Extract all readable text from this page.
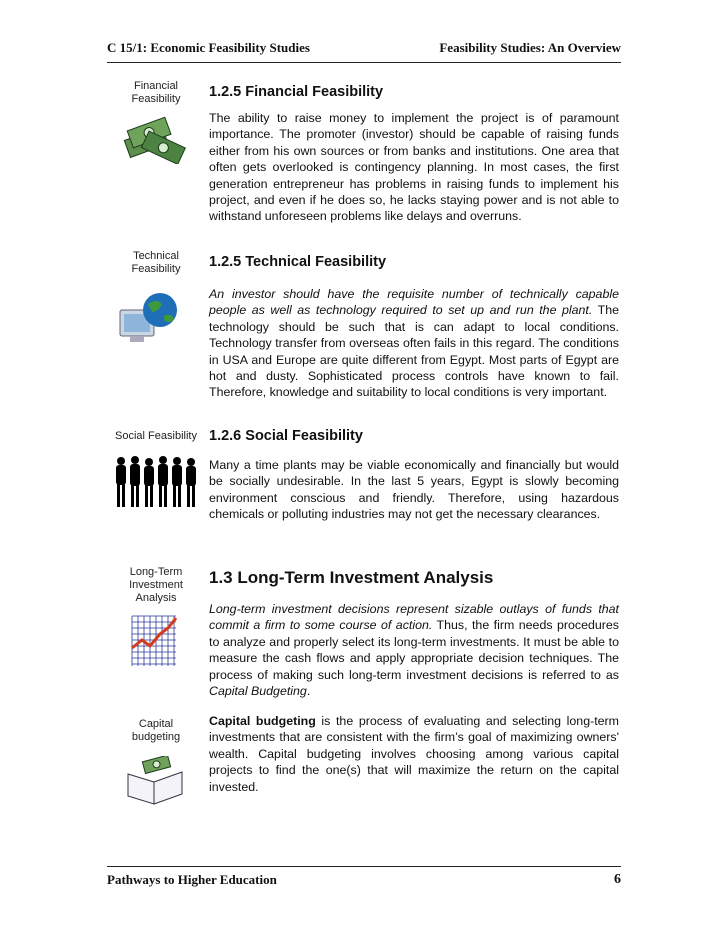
C 15/1: Economic Feasibility Studies	Feasibility Studies: An Overview
Financial Feasibility	1.2.5 Financial Feasibility
The ability to raise money to implement the project is of paramount importance. The promoter (investor) should be capable of raising funds either from his own sources or from banks and institutions. One area that often gets overlooked is contingency planning. In most cases, the first generation entrepreneur has problems in raising funds to implement his project, and even if he does so, he lacks staying power and is not able to withstand unforeseen problems like delays and overruns.
Technical Feasibility	1.2.5 Technical Feasibility
An investor should have the requisite number of technically capable people as well as technology required to set up and run the plant. The technology should be such that is can adapt to local conditions. Technology transfer from overseas often fails in this regard. The conditions in USA and Europe are quite different from Egypt. Most parts of Egypt are hot and dusty. Sophisticated process controls have known to fail. Therefore, knowledge and suitability to local conditions is very important.
Social Feasibility 1.2.6 Social Feasibility
Many a time plants may be viable economically and financially but would be socially undesirable. In the last 5 years, Egypt is slowly becoming environment conscious and friendly. Therefore, using hazardous chemicals or polluting industries may not get the necessary clearances.
Long-Term Investment Analysis
1.3 Long-Term Investment Analysis
Long-term investment decisions represent sizable outlays of funds that commit a firm to some course of action. Thus, the firm needs procedures to analyze and properly select its long-term investments. It must be able to measure the cash flows and apply appropriate decision techniques. The process of making such long-term investment decisions is referred to as Capital Budgeting.
Capital budgeting
Capital budgeting is the process of evaluating and selecting long-term investments that are consistent with the firm’s goal of maximizing owners' wealth. Capital budgeting involves choosing among various capital projects to find the one(s) that will maximize the return on the capital invested.
Pathways to Higher Education	6
